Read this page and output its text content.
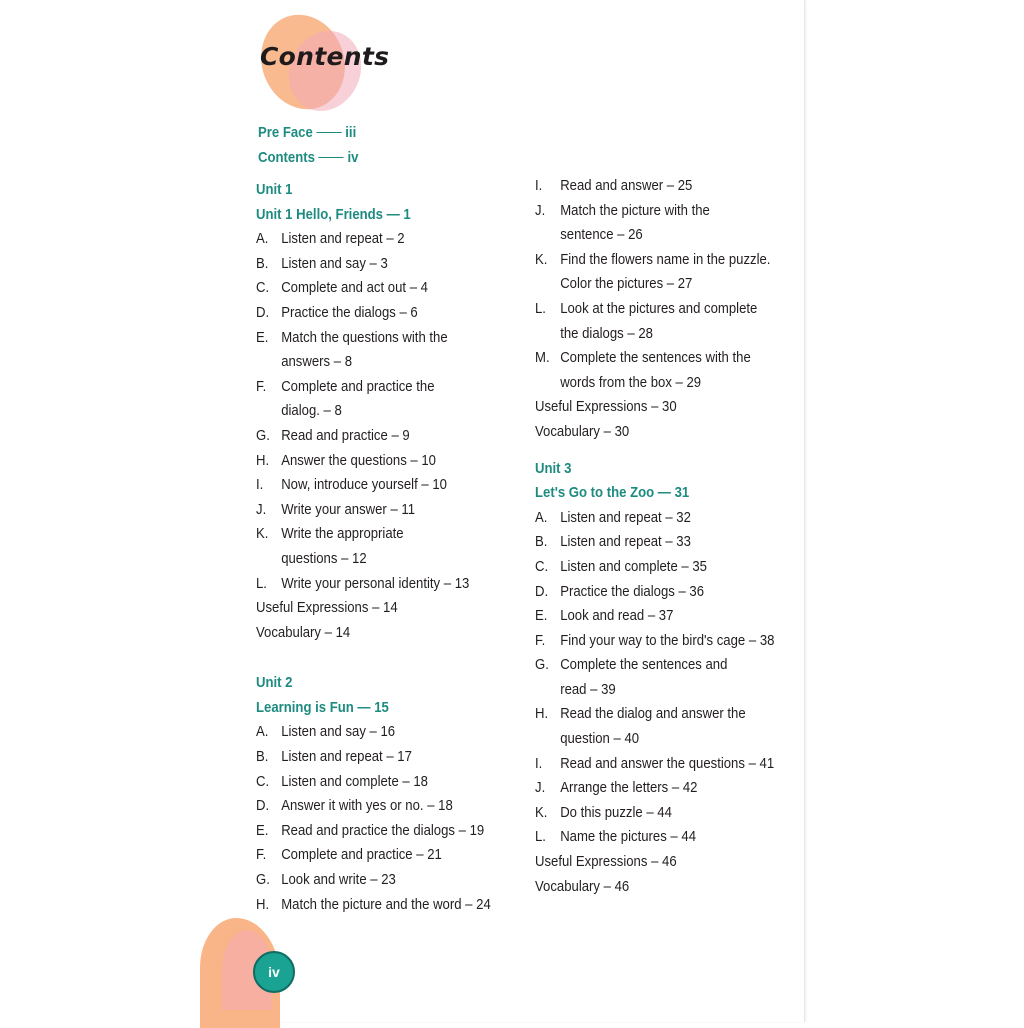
Contents
Pre Face iii
Contents iv
Unit 1
Unit 1 Hello, Friends — 1
A. Listen and repeat – 2
B. Listen and say – 3
C. Complete and act out – 4
D. Practice the dialogs – 6
E. Match the questions with the
answers – 8
F. Complete and practice the
dialog. – 8
G. Read and practice – 9
H. Answer the questions – 10
I. Now, introduce yourself – 10
J. Write your answer – 11
K. Write the appropriate
questions – 12
L. Write your personal identity – 13
Useful Expressions – 14
Vocabulary – 14
Unit 2
Learning is Fun — 15
A. Listen and say – 16
B. Listen and repeat – 17
C. Listen and complete – 18
D. Answer it with yes or no. – 18
E. Read and practice the dialogs – 19
F. Complete and practice – 21
G. Look and write – 23
H. Match the picture and the word – 24
I. Read and answer – 25
J. Match the picture with the
sentence – 26
K. Find the flowers name in the puzzle.
Color the pictures – 27
L. Look at the pictures and complete
the dialogs – 28
M. Complete the sentences with the
words from the box – 29
Useful Expressions – 30
Vocabulary – 30
Unit 3
Let's Go to the Zoo — 31
A. Listen and repeat – 32
B. Listen and repeat – 33
C. Listen and complete – 35
D. Practice the dialogs – 36
E. Look and read – 37
F. Find your way to the bird's cage – 38
G. Complete the sentences and
read – 39
H. Read the dialog and answer the
question – 40
I. Read and answer the questions – 41
J. Arrange the letters – 42
K. Do this puzzle – 44
L. Name the pictures – 44
Useful Expressions – 46
Vocabulary – 46
iv
